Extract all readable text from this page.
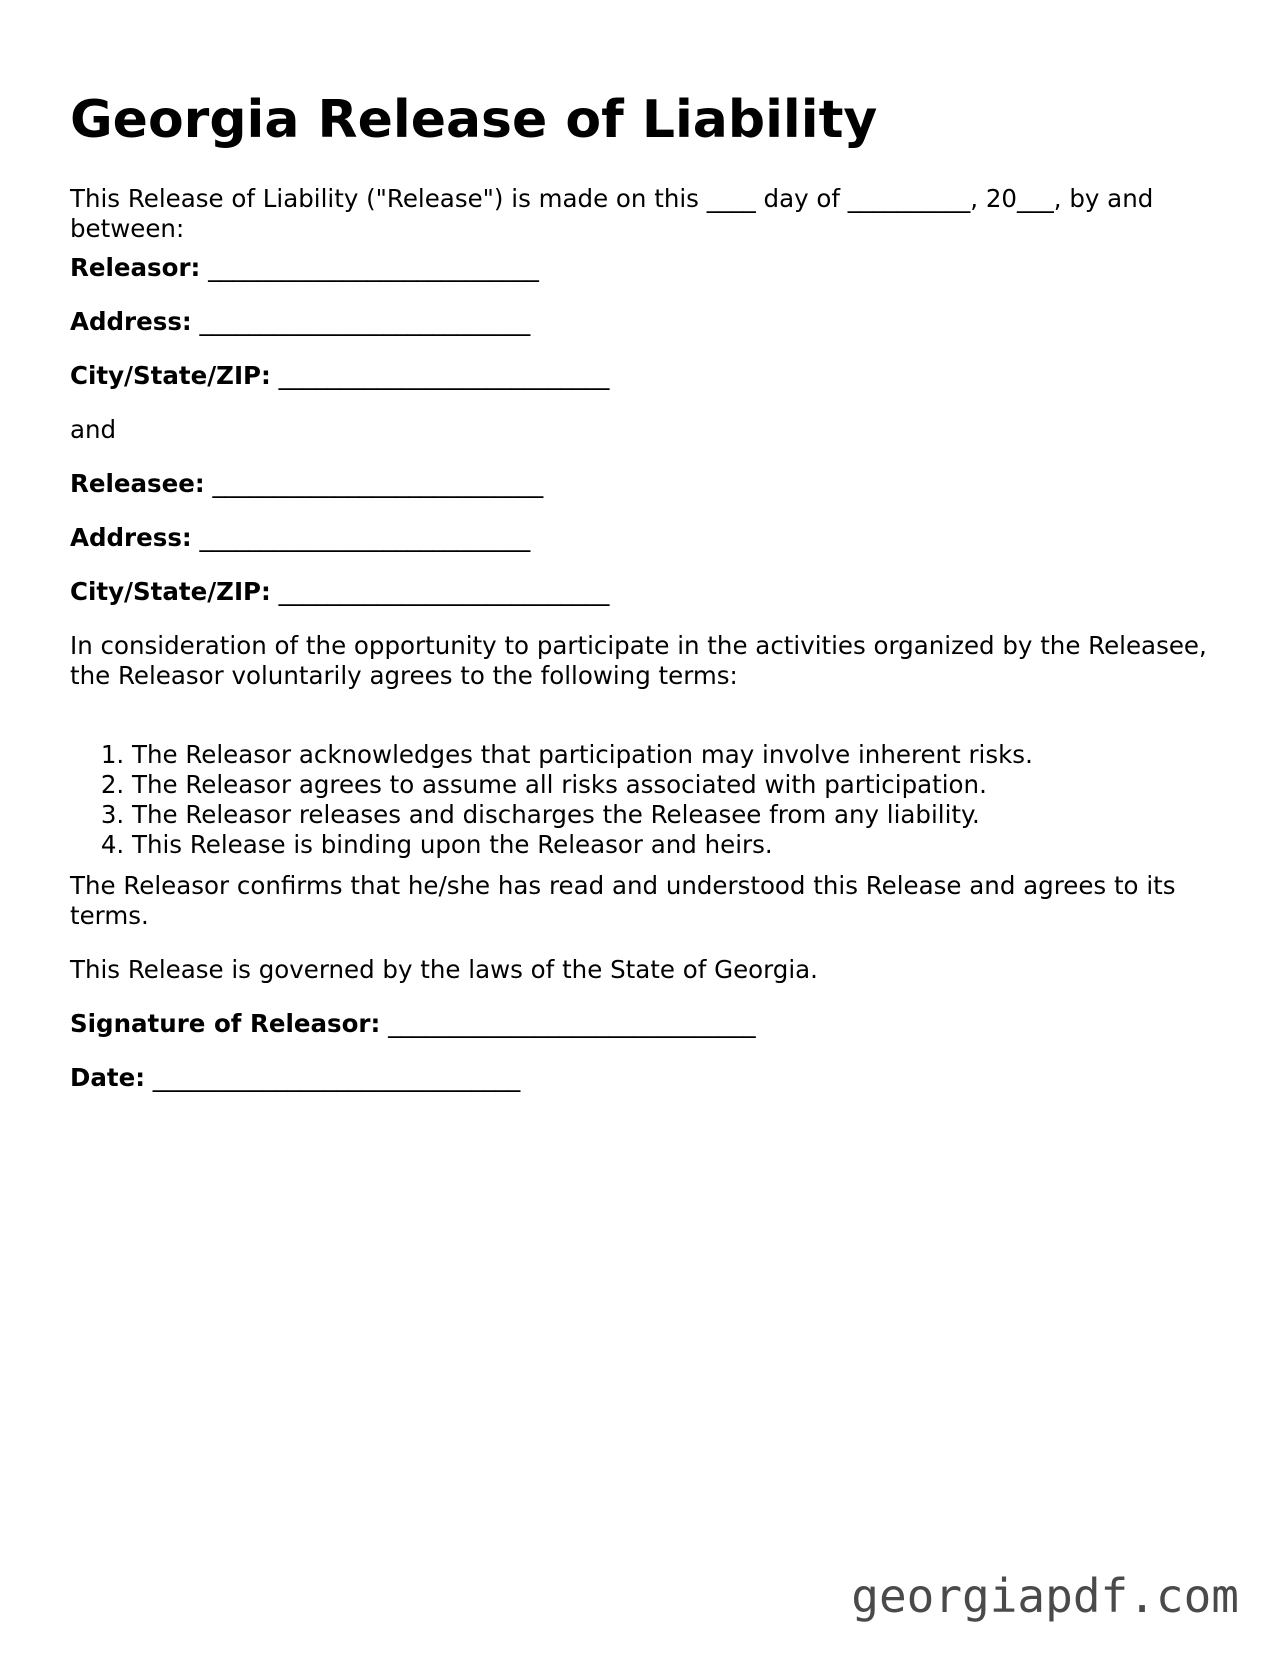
Georgia Release of Liability

This Release of Liability ("Release") is made on this ____ day of __________, 20___, by and between:

Releasor: ___________________________

Address: ___________________________

City/State/ZIP: ___________________________

and

Releasee: ___________________________

Address: ___________________________

City/State/ZIP: ___________________________

In consideration of the opportunity to participate in the activities organized by the Releasee, the Releasor voluntarily agrees to the following terms:

1. The Releasor acknowledges that participation may involve inherent risks.
2. The Releasor agrees to assume all risks associated with participation.
3. The Releasor releases and discharges the Releasee from any liability.
4. This Release is binding upon the Releasor and heirs.

The Releasor confirms that he/she has read and understood this Release and agrees to its terms.

This Release is governed by the laws of the State of Georgia.

Signature of Releasor: ______________________________

Date: ______________________________

georgiapdf.com
